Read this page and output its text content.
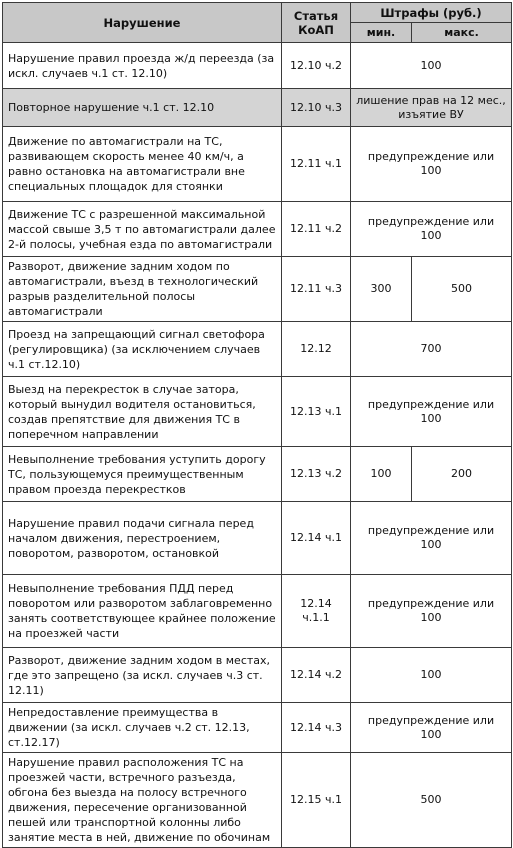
Нарушение	Статья КоАП	Штрафы (руб.)	
		мин.	макс.
Нарушение правил проезда ж/д переезда (за искл. случаев ч.1 ст. 12.10)	12.10 ч.2	100	
Повторное нарушение ч.1 ст. 12.10	12.10 ч.3	лишение прав на 12 мес., изъятие ВУ	
Движение по автомагистрали на ТС, развивающем скорость менее 40 км/ч, а равно остановка на автомагистрали вне специальных площадок для стоянки	12.11 ч.1	предупреждение или 100	
Движение ТС с разрешенной максимальной массой свыше 3,5 т по автомагистрали далее 2-й полосы, учебная езда по автомагистрали	12.11 ч.2	предупреждение или 100	
Разворот, движение задним ходом по автомагистрали, въезд в технологический разрыв разделительной полосы автомагистрали	12.11 ч.3	300	500
Проезд на запрещающий сигнал светофора (регулировщика) (за исключением случаев ч.1 ст.12.10)	12.12	700	
Выезд на перекресток в случае затора, который вынудил водителя остановиться, создав препятствие для движения ТС в поперечном направлении	12.13 ч.1	предупреждение или 100	
Невыполнение требования уступить дорогу ТС, пользующемуся преимущественным правом проезда перекрестков	12.13 ч.2	100	200
Нарушение правил подачи сигнала перед началом движения, перестроением, поворотом, разворотом, остановкой	12.14 ч.1	предупреждение или 100	
Невыполнение требования ПДД перед поворотом или разворотом заблаговременно занять соответствующее крайнее положение на проезжей части	12.14 ч.1.1	предупреждение или 100	
Разворот, движение задним ходом в местах, где это запрещено (за искл. случаев ч.3 ст. 12.11)	12.14 ч.2	100	
Непредоставление преимущества в движении (за искл. случаев ч.2 ст. 12.13, ст.12.17)	12.14 ч.3	предупреждение или 100	
Нарушение правил расположения ТС на проезжей части, встречного разъезда, обгона без выезда на полосу встречного движения, пересечение организованной пешей или транспортной колонны либо занятие места в ней, движение по обочинам	12.15 ч.1	500	
